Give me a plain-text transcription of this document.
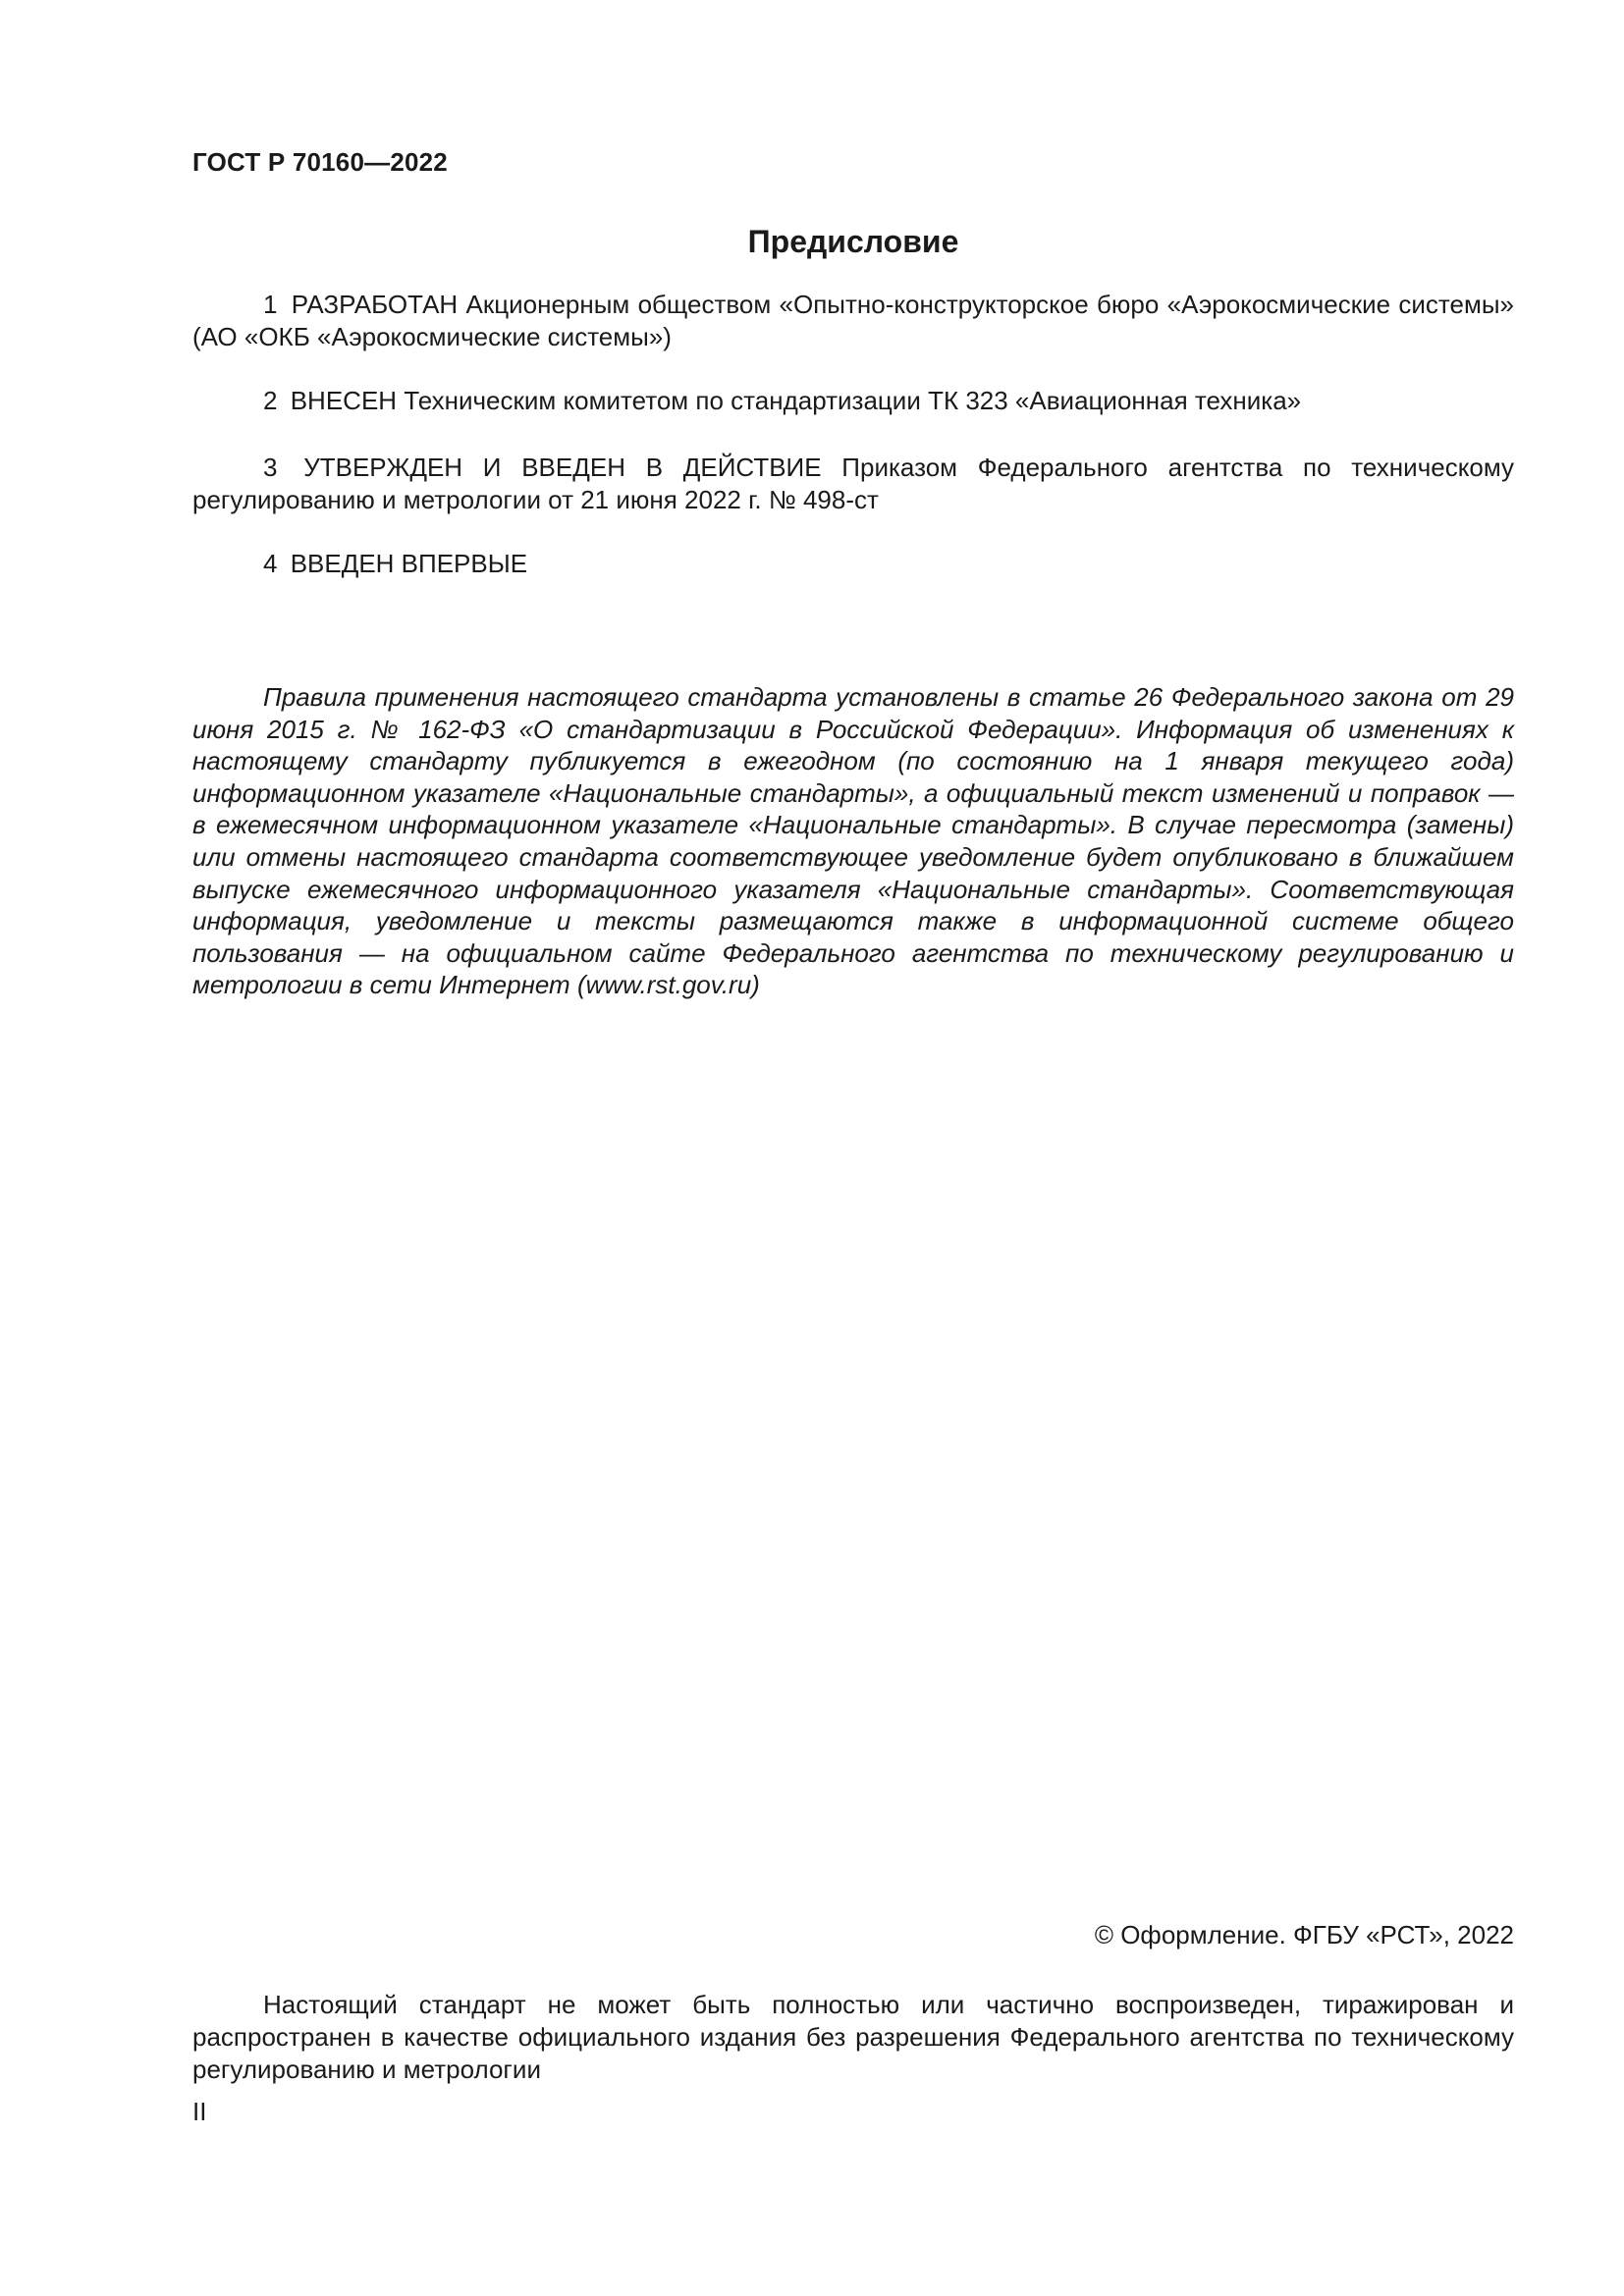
ГОСТ Р 70160—2022
Предисловие
1 РАЗРАБОТАН Акционерным обществом «Опытно-конструкторское бюро «Аэрокосмические системы» (АО «ОКБ «Аэрокосмические системы»)
2 ВНЕСЕН Техническим комитетом по стандартизации ТК 323 «Авиационная техника»
3 УТВЕРЖДЕН И ВВЕДЕН В ДЕЙСТВИЕ Приказом Федерального агентства по техническому регулированию и метрологии от 21 июня 2022 г. № 498-ст
4 ВВЕДЕН ВПЕРВЫЕ
Правила применения настоящего стандарта установлены в статье 26 Федерального закона от 29 июня 2015 г. № 162-ФЗ «О стандартизации в Российской Федерации». Информация об изменениях к настоящему стандарту публикуется в ежегодном (по состоянию на 1 января текущего года) информационном указателе «Национальные стандарты», а официальный текст изменений и поправок — в ежемесячном информационном указателе «Национальные стандарты». В случае пересмотра (замены) или отмены настоящего стандарта соответствующее уведомление будет опубликовано в ближайшем выпуске ежемесячного информационного указателя «Национальные стандарты». Соответствующая информация, уведомление и тексты размещаются также в информационной системе общего пользования — на официальном сайте Федерального агентства по техническому регулированию и метрологии в сети Интернет (www.rst.gov.ru)
© Оформление. ФГБУ «РСТ», 2022
Настоящий стандарт не может быть полностью или частично воспроизведен, тиражирован и распространен в качестве официального издания без разрешения Федерального агентства по техническому регулированию и метрологии
II
